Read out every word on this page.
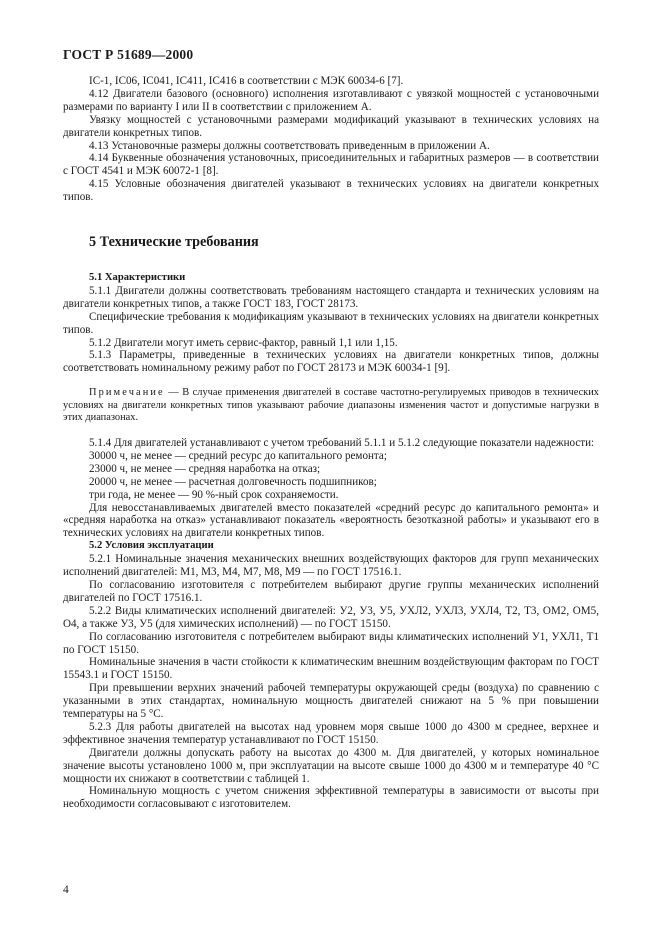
ГОСТ Р 51689—2000

IC-1, IC06, IC041, IC411, IC416 в соответствии с МЭК 60034-6 [7].

4.12 Двигатели базового (основного) исполнения изготавливают с увязкой мощностей с установочными размерами по варианту I или II в соответствии с приложением А.

Увязку мощностей с установочными размерами модификаций указывают в технических условиях на двигатели конкретных типов.

4.13 Установочные размеры должны соответствовать приведенным в приложении А.

4.14 Буквенные обозначения установочных, присоединительных и габаритных размеров — в соответствии с ГОСТ 4541 и МЭК 60072-1 [8].

4.15 Условные обозначения двигателей указывают в технических условиях на двигатели конкретных типов.

5 Технические требования
5.1 Характеристики

5.1.1 Двигатели должны соответствовать требованиям настоящего стандарта и технических условиям на двигатели конкретных типов, а также ГОСТ 183, ГОСТ 28173.

Специфические требования к модификациям указывают в технических условиях на двигатели конкретных типов.

5.1.2 Двигатели могут иметь сервис-фактор, равный 1,1 или 1,15.

5.1.3 Параметры, приведенные в технических условиях на двигатели конкретных типов, должны соответствовать номинальному режиму работ по ГОСТ 28173 и МЭК 60034-1 [9].

Примечание — В случае применения двигателей в составе частотно-регулируемых приводов в технических условиях на двигатели конкретных типов указывают рабочие диапазоны изменения частот и допустимые нагрузки в этих диапазонах.

5.1.4 Для двигателей устанавливают с учетом требований 5.1.1 и 5.1.2 следующие показатели надежности:

30000 ч, не менее — средний ресурс до капитального ремонта;

23000 ч, не менее — средняя наработка на отказ;

20000 ч, не менее — расчетная долговечность подшипников;

три года, не менее — 90 %-ный срок сохраняемости.

Для невосстанавливаемых двигателей вместо показателей «средний ресурс до капитального ремонта» и «средняя наработка на отказ» устанавливают показатель «вероятность безотказной работы» и указывают его в технических условиях на двигатели конкретных типов.

5.2 Условия эксплуатации

5.2.1 Номинальные значения механических внешних воздействующих факторов для групп механических исполнений двигателей: М1, М3, М4, М7, М8, М9 — по ГОСТ 17516.1.

По согласованию изготовителя с потребителем выбирают другие группы механических исполнений двигателей по ГОСТ 17516.1.

5.2.2 Виды климатических исполнений двигателей: У2, У3, У5, УХЛ2, УХЛ3, УХЛ4, Т2, Т3, ОМ2, ОМ5, О4, а также У3, У5 (для химических исполнений) — по ГОСТ 15150.

По согласованию изготовителя с потребителем выбирают виды климатических исполнений У1, УХЛ1, Т1 по ГОСТ 15150.

Номинальные значения в части стойкости к климатическим внешним воздействующим факторам по ГОСТ 15543.1 и ГОСТ 15150.

При превышении верхних значений рабочей температуры окружающей среды (воздуха) по сравнению с указанными в этих стандартах, номинальную мощность двигателей снижают на 5 % при повышении температуры на 5 °С.

5.2.3 Для работы двигателей на высотах над уровнем моря свыше 1000 до 4300 м среднее, верхнее и эффективное значения температур устанавливают по ГОСТ 15150.

Двигатели должны допускать работу на высотах до 4300 м. Для двигателей, у которых номинальное значение высоты установлено 1000 м, при эксплуатации на высоте свыше 1000 до 4300 м и температуре 40 °С мощности их снижают в соответствии с таблицей 1.

Номинальную мощность с учетом снижения эффективной температуры в зависимости от высоты при необходимости согласовывают с изготовителем.

4
